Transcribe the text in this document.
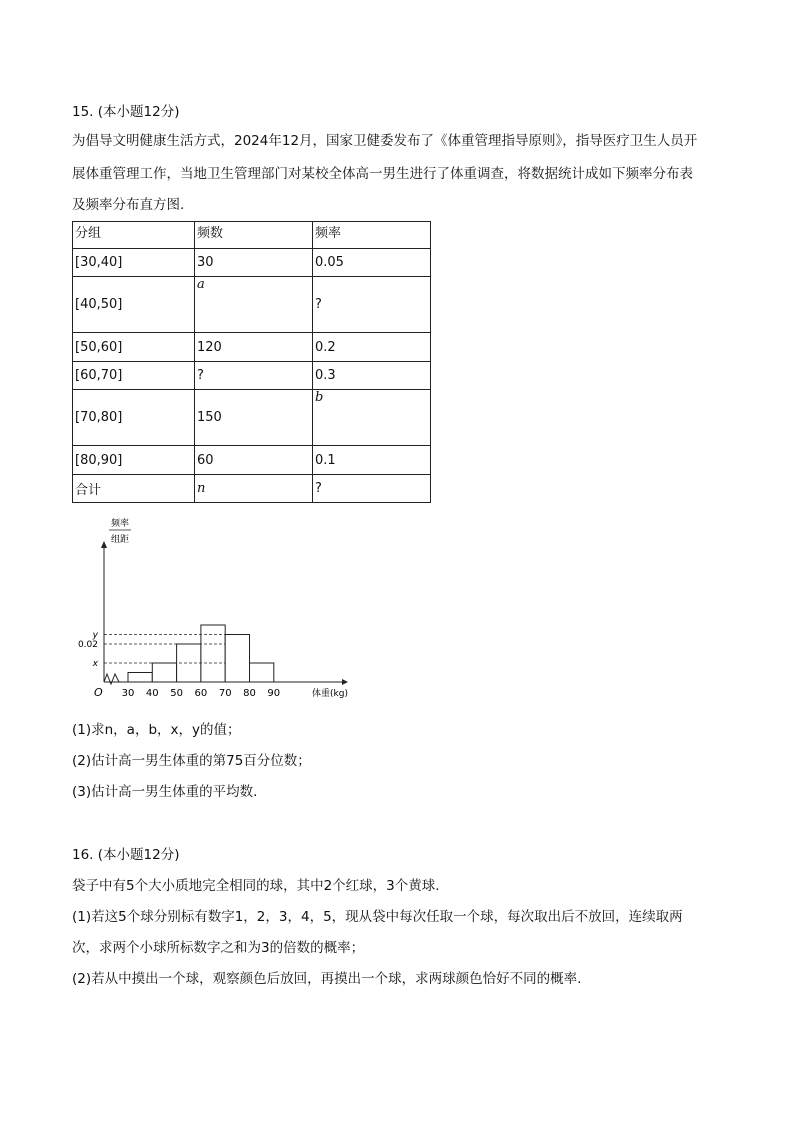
15. (本小题12分)
为倡导文明健康生活方式，2024年12月，国家卫健委发布了《体重管理指导原则》，指导医疗卫生人员开
展体重管理工作，当地卫生管理部门对某校全体高一男生进行了体重调查，将数据统计成如下频率分布表
及频率分布直方图.
分组	频数	频率
[30,40]	30	0.05
[40,50]	a	?
[50,60]	120	0.2
[60,70]	?	0.3
[70,80]	150	b
[80,90]	60	0.1
合计	n	?
频率
组距
y
0.02
x
30 40 50 60 70 80 90
O	体重(kg)
(1)求n，a，b，x，y的值；
(2)估计高一男生体重的第75百分位数；
(3)估计高一男生体重的平均数.
16. (本小题12分)
袋子中有5个大小质地完全相同的球，其中2个红球，3个黄球.
(1)若这5个球分别标有数字1，2，3，4，5，现从袋中每次任取一个球，每次取出后不放回，连续取两
次，求两个小球所标数字之和为3的倍数的概率；
(2)若从中摸出一个球，观察颜色后放回，再摸出一个球，求两球颜色恰好不同的概率.
